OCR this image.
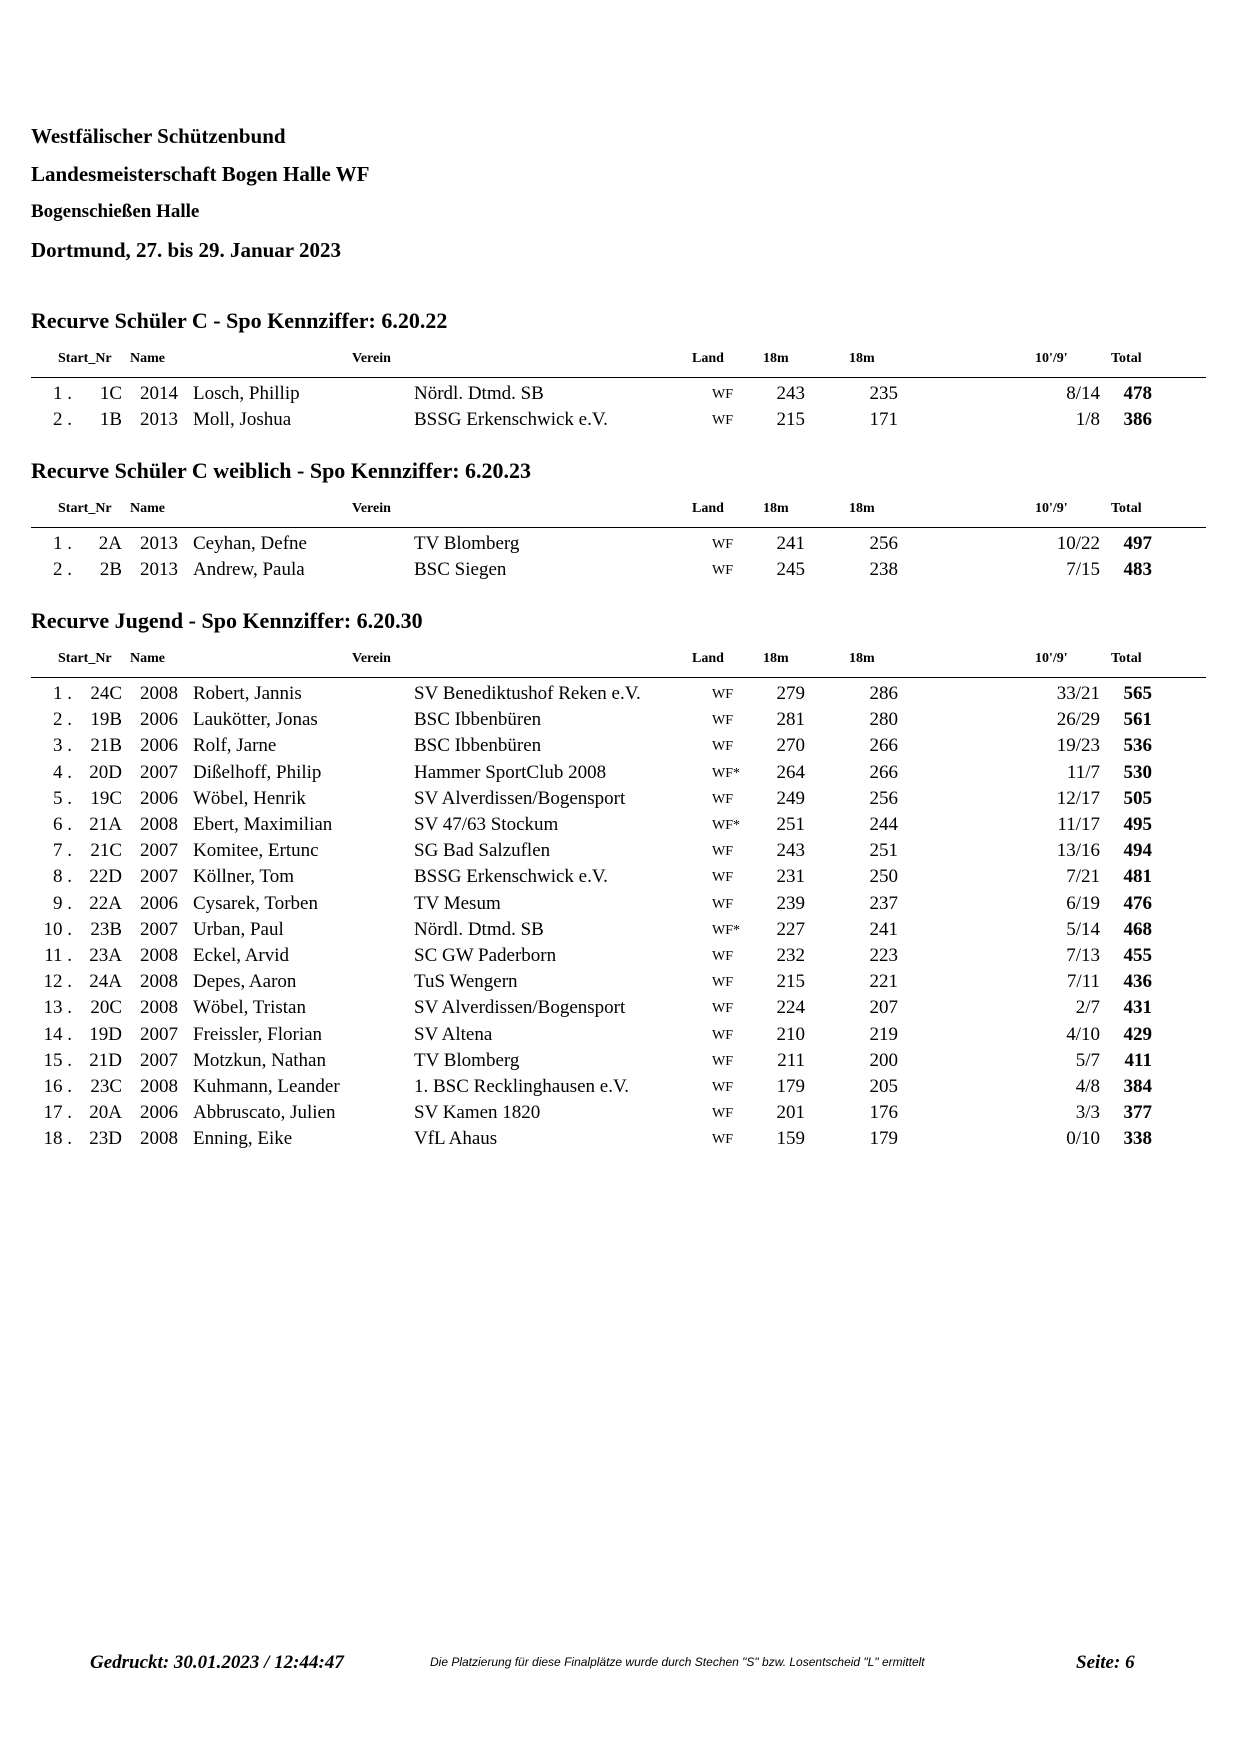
Westfälischer Schützenbund
Landesmeisterschaft Bogen Halle WF
Bogenschießen Halle
Dortmund, 27. bis 29. Januar 2023
Recurve Schüler C - Spo Kennziffer: 6.20.22
Start_Nr Name	Verein	Land	18m	18m	10'/9'	Total
1 .	1C 2014 Losch, Phillip	Nördl. Dtmd. SB	WF	243	235	8/14	478
2 .	1B 2013 Moll, Joshua	BSSG Erkenschwick e.V.	WF	215	171	1/8	386
Recurve Schüler C weiblich - Spo Kennziffer: 6.20.23
Start_Nr Name	Verein	Land	18m	18m	10'/9'	Total
1 .	2A 2013 Ceyhan, Defne	TV Blomberg	WF	241	256	10/22	497
2 .	2B 2013 Andrew, Paula	BSC Siegen	WF	245	238	7/15	483
Recurve Jugend - Spo Kennziffer: 6.20.30
Start_Nr Name	Verein	Land	18m	18m	10'/9'	Total
1 . 24C 2008 Robert, Jannis	SV Benediktushof Reken e.V.	WF	279	286	33/21	565
2 . 19B 2006 Laukötter, Jonas	BSC Ibbenbüren	WF	281	280	26/29	561
3 . 21B 2006 Rolf, Jarne	BSC Ibbenbüren	WF	270	266	19/23	536
4 . 20D 2007 Dißelhoff, Philip	Hammer SportClub 2008	WF*	264	266	11/7	530
5 . 19C 2006 Wöbel, Henrik	SV Alverdissen/Bogensport	WF	249	256	12/17	505
6 . 21A 2008 Ebert, Maximilian	SV 47/63 Stockum	WF*	251	244	11/17	495
7 . 21C 2007 Komitee, Ertunc	SG Bad Salzuflen	WF	243	251	13/16	494
8 . 22D 2007 Köllner, Tom	BSSG Erkenschwick e.V.	WF	231	250	7/21	481
9 . 22A 2006 Cysarek, Torben	TV Mesum	WF	239	237	6/19	476
10 . 23B 2007 Urban, Paul	Nördl. Dtmd. SB	WF*	227	241	5/14	468
11 . 23A 2008 Eckel, Arvid	SC GW Paderborn	WF	232	223	7/13	455
12 . 24A 2008 Depes, Aaron	TuS Wengern	WF	215	221	7/11	436
13 . 20C 2008 Wöbel, Tristan	SV Alverdissen/Bogensport	WF	224	207	2/7	431
14 . 19D 2007 Freissler, Florian	SV Altena	WF	210	219	4/10	429
15 . 21D 2007 Motzkun, Nathan	TV Blomberg	WF	211	200	5/7	411
16 . 23C 2008 Kuhmann, Leander	1. BSC Recklinghausen e.V.	WF	179	205	4/8	384
17 . 20A 2006 Abbruscato, Julien	SV Kamen 1820	WF	201	176	3/3	377
18 . 23D 2008 Enning, Eike	VfL Ahaus	WF	159	179	0/10	338
Gedruckt: 30.01.2023 / 12:44:47	Die Platzierung für diese Finalplätze wurde durch Stechen "S" bzw. Losentscheid "L" ermittelt	Seite: 6
